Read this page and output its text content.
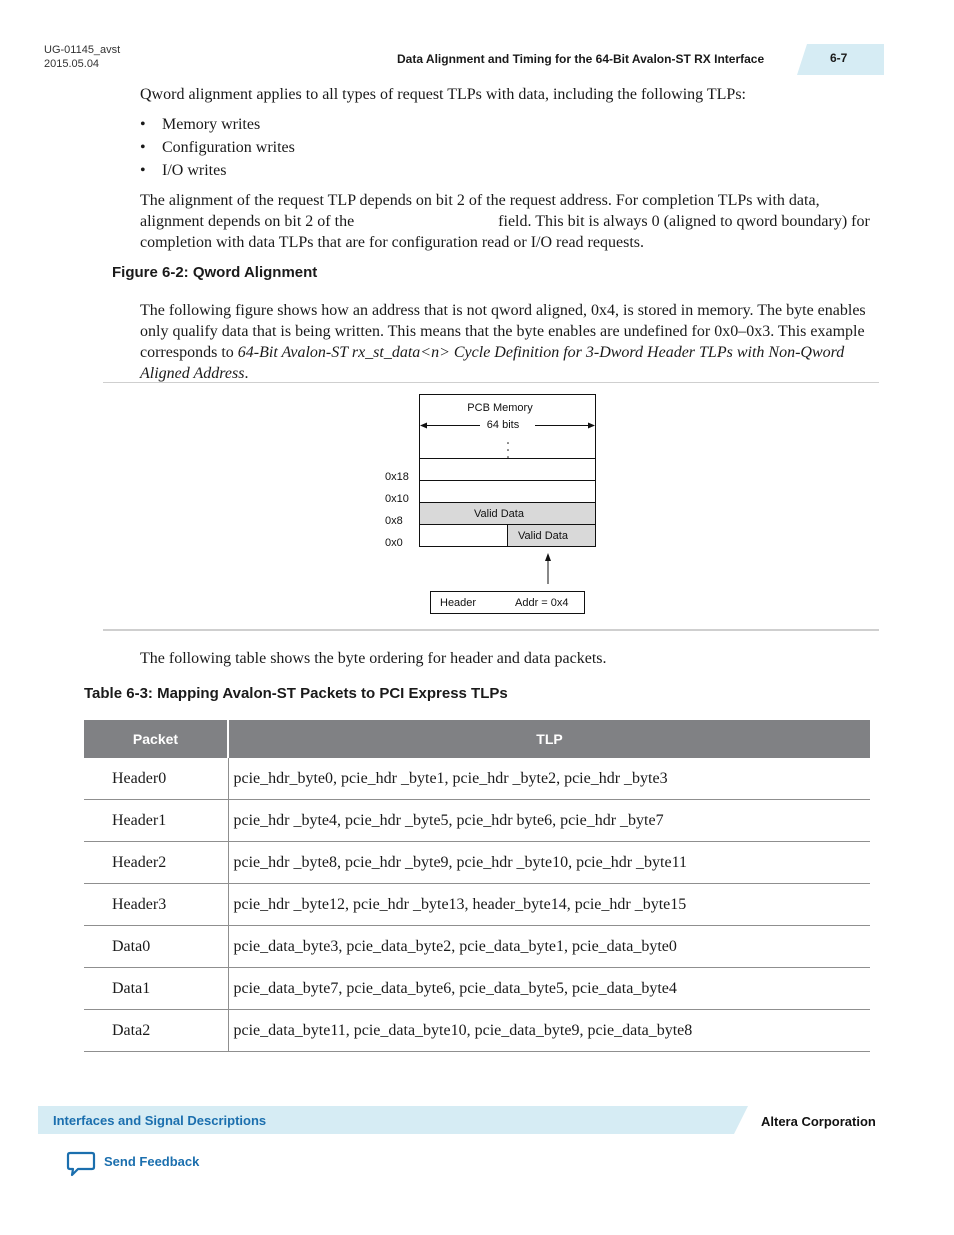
UG-01145_avst
2015.05.04	Data Alignment and Timing for the 64-Bit Avalon-ST RX Interface	6-7
Qword alignment applies to all types of request TLPs with data, including the following TLPs:
• Memory writes
• Configuration writes
• I/O writes
The alignment of the request TLP depends on bit 2 of the request address. For completion TLPs with data, alignment depends on bit 2 of the                                    field. This bit is always 0 (aligned to qword boundary) for completion with data TLPs that are for configuration read or I/O read requests.
Figure 6-2: Qword Alignment
The following figure shows how an address that is not qword aligned, 0x4, is stored in memory. The byte enables only qualify data that is being written. This means that the byte enables are undefined for 0x0–0x3. This example corresponds to 64-Bit Avalon-ST rx_st_data<n> Cycle Definition for 3-Dword Header TLPs with Non-Qword Aligned Address.
PCB Memory
64 bits
0x18
0x10
0x8
0x0
Valid Data
Valid Data
Header	Addr = 0x4
The following table shows the byte ordering for header and data packets.
Table 6-3: Mapping Avalon-ST Packets to PCI Express TLPs
Packet	TLP
Header0	pcie_hdr_byte0, pcie_hdr _byte1, pcie_hdr _byte2, pcie_hdr _byte3
Header1	pcie_hdr _byte4, pcie_hdr _byte5, pcie_hdr byte6, pcie_hdr _byte7
Header2	pcie_hdr _byte8, pcie_hdr _byte9, pcie_hdr _byte10, pcie_hdr _byte11
Header3	pcie_hdr _byte12, pcie_hdr _byte13, header_byte14, pcie_hdr _byte15
Data0	pcie_data_byte3, pcie_data_byte2, pcie_data_byte1, pcie_data_byte0
Data1	pcie_data_byte7, pcie_data_byte6, pcie_data_byte5, pcie_data_byte4
Data2	pcie_data_byte11, pcie_data_byte10, pcie_data_byte9, pcie_data_byte8
Interfaces and Signal Descriptions	Altera Corporation
Send Feedback
